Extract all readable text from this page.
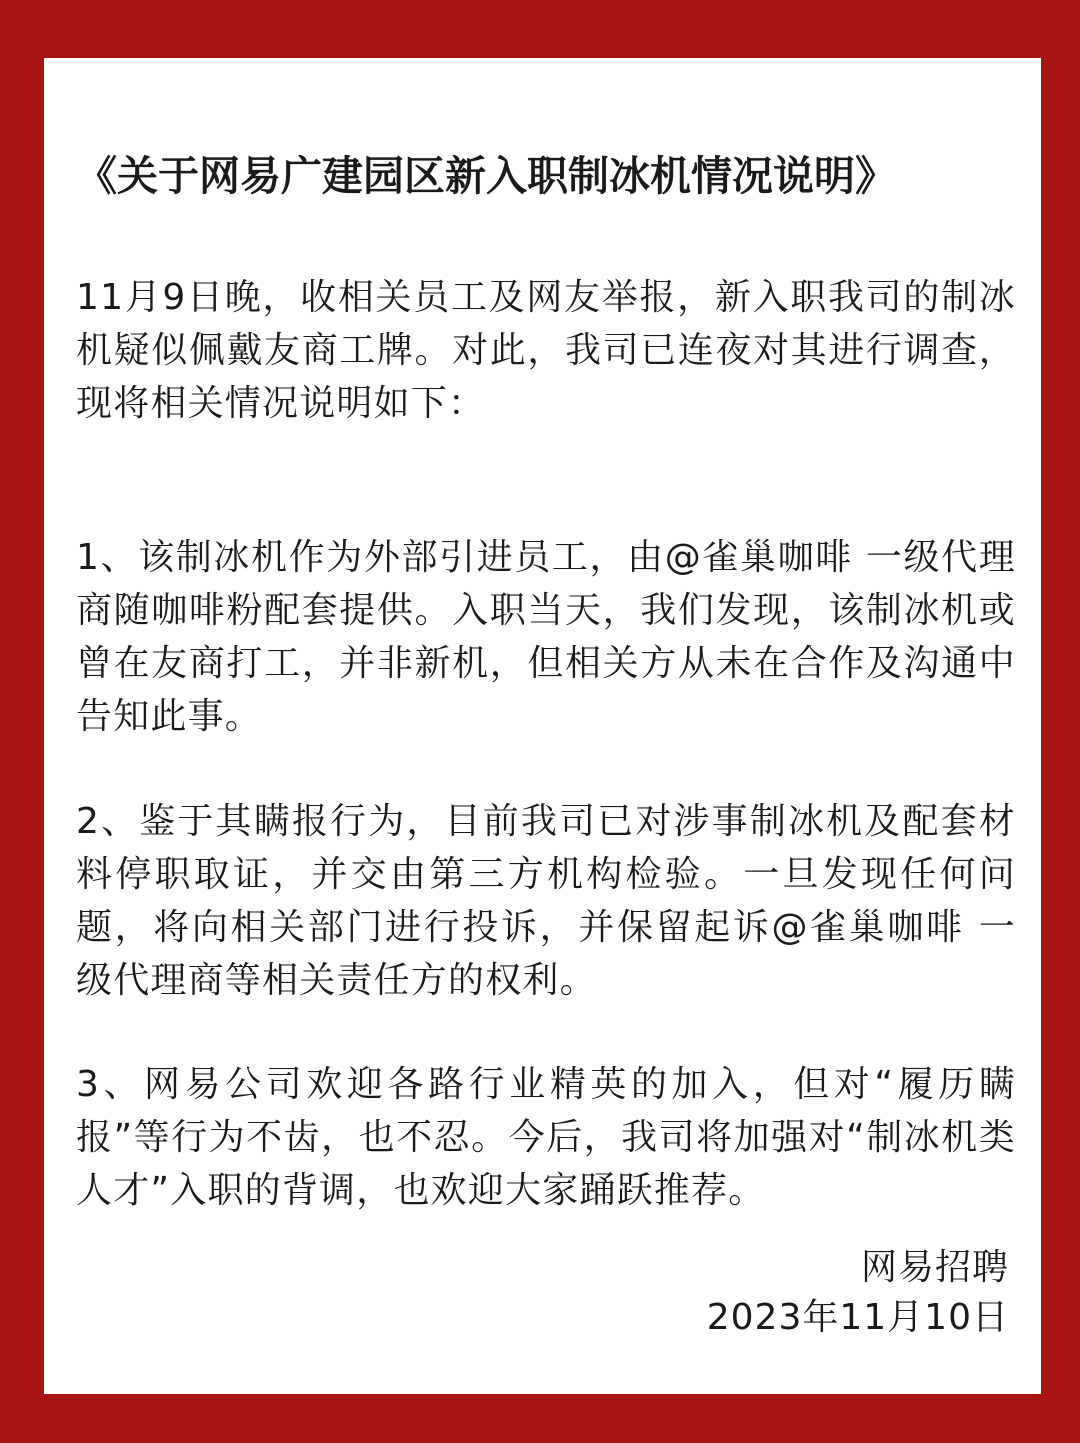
《关于网易广建园区新入职制冰机情况说明》

11月9日晚，收相关员工及网友举报，新入职我司的制冰机疑似佩戴友商工牌。对此，我司已连夜对其进行调查，现将相关情况说明如下：

1、该制冰机作为外部引进员工，由@雀巢咖啡 一级代理商随咖啡粉配套提供。入职当天，我们发现，该制冰机或曾在友商打工，并非新机，但相关方从未在合作及沟通中告知此事。

2、鉴于其瞒报行为，目前我司已对涉事制冰机及配套材料停职取证，并交由第三方机构检验。一旦发现任何问题，将向相关部门进行投诉，并保留起诉@雀巢咖啡 一级代理商等相关责任方的权利。

3、网易公司欢迎各路行业精英的加入，但对“履历瞒报”等行为不齿，也不忍。今后，我司将加强对“制冰机类人才”入职的背调，也欢迎大家踊跃推荐。

网易招聘
2023年11月10日
